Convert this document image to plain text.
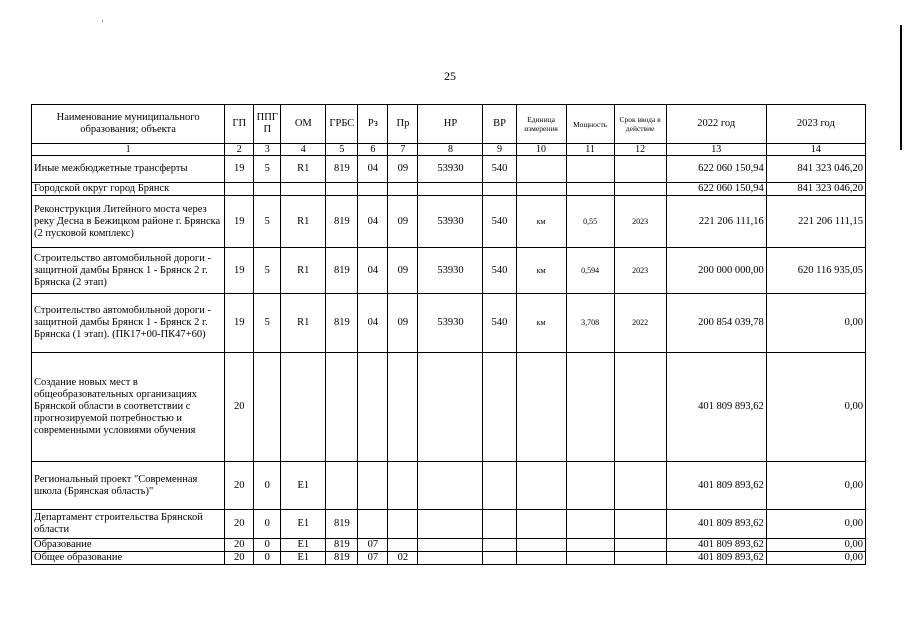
25
Наименование муниципального образования; объекта	ГП	ППГ П	ОМ	ГРБС	Рз	Пр	НР	ВР	Единица измерения	Мощность	Срок ввода в действие	2022 год	2023 год
1	2	3	4	5	6	7	8	9	10	11	12	13	14
Иные межбюджетные трансферты	19	5	R1	819	04	09	53930	540				622 060 150,94	841 323 046,20
Городской округ город Брянск												622 060 150,94	841 323 046,20
Реконструкция Литейного моста через реку Десна в Бежицком районе г. Брянска (2 пусковой комплекс)	19	5	R1	819	04	09	53930	540	км	0,55	2023	221 206 111,16	221 206 111,15
Строительство автомобильной дороги - защитной дамбы Брянск 1 - Брянск 2 г. Брянска (2 этап)	19	5	R1	819	04	09	53930	540	км	0,594	2023	200 000 000,00	620 116 935,05
Строительство автомобильной дороги - защитной дамбы Брянск 1 - Брянск 2 г. Брянска (1 этап). (ПК17+00-ПК47+60)	19	5	R1	819	04	09	53930	540	км	3,708	2022	200 854 039,78	0,00
Создание новых мест в общеобразовательных организациях Брянской области в соответствии с прогнозируемой потребностью и современными условиями обучения	20											401 809 893,62	0,00
Региональный проект "Современная школа (Брянская область)"	20	0	E1									401 809 893,62	0,00
Департамент строительства Брянской области	20	0	E1	819								401 809 893,62	0,00
Образование	20	0	E1	819	07							401 809 893,62	0,00
Общее образование	20	0	E1	819	07	02						401 809 893,62	0,00
